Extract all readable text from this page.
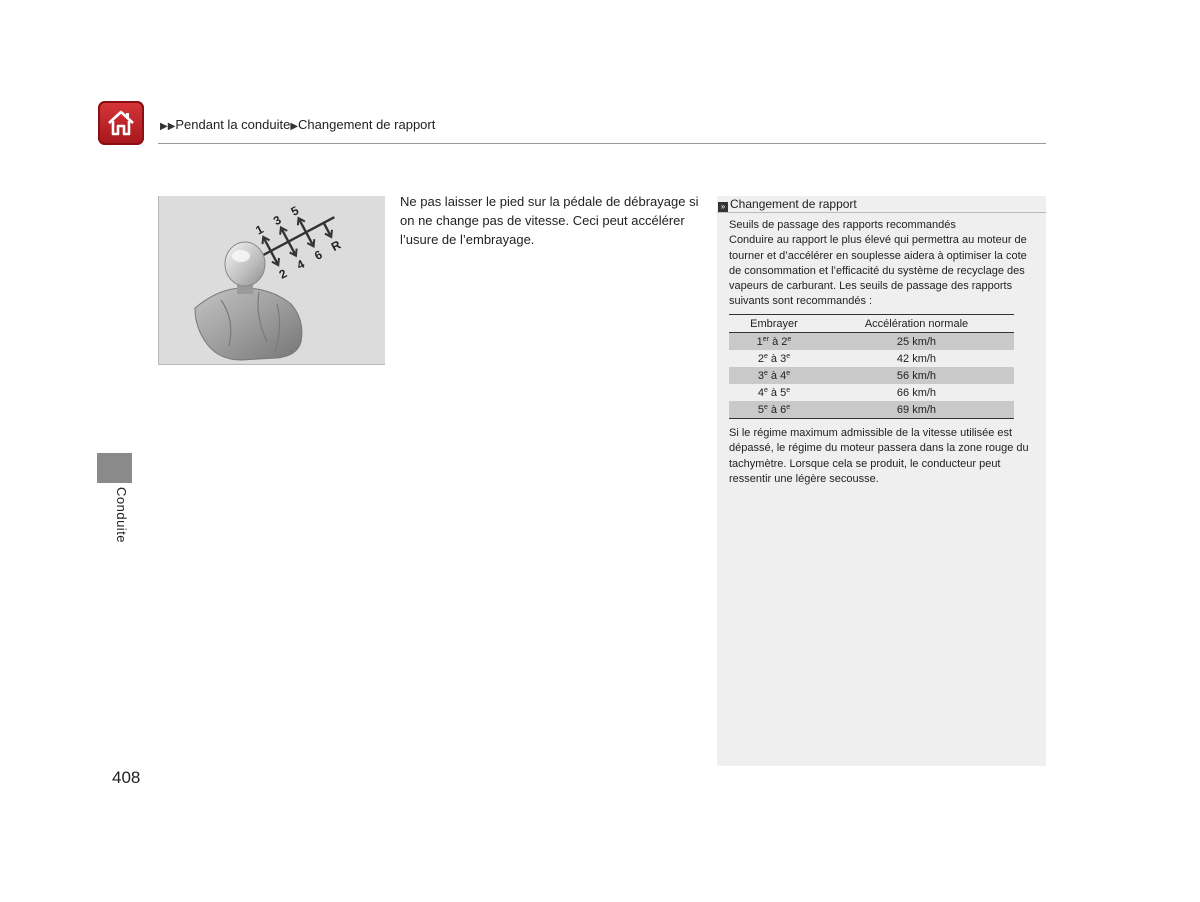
▶▶Pendant la conduite▶Changement de rapport
Conduite
1
3
5
2
4
6
R
Ne pas laisser le pied sur la pédale de débrayage si on ne change pas de vitesse. Ceci peut accélérer l’usure de l’embrayage.
» Changement de rapport

Seuils de passage des rapports recommandés

Conduire au rapport le plus élevé qui permettra au moteur de tourner et d’accélérer en souplesse aidera à optimiser la cote de consommation et l’efficacité du système de recyclage des vapeurs de carburant. Les seuils de passage des rapports suivants sont recommandés :

Embrayer	Accélération normale
1er à 2e	25 km/h
2e à 3e	42 km/h
3e à 4e	56 km/h
4e à 5e	66 km/h
5e à 6e	69 km/h

Si le régime maximum admissible de la vitesse utilisée est dépassé, le régime du moteur passera dans la zone rouge du tachymètre. Lorsque cela se produit, le conducteur peut ressentir une légère secousse.

408
